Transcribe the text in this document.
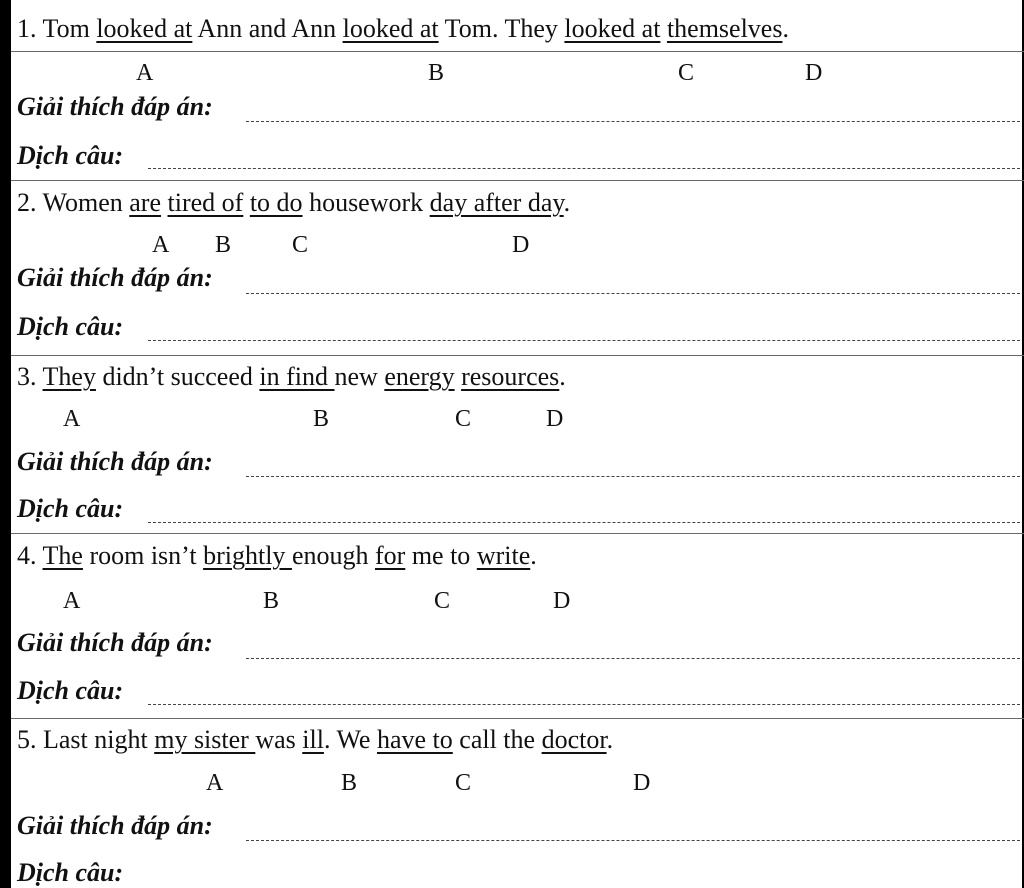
1. Tom looked at Ann and Ann looked at Tom. They looked at themselves.
A	B	C	D
Giải thích đáp án:
Dịch câu:
2. Women are tired of to do housework day after day.
A B	C	D
Giải thích đáp án:
Dịch câu:
3. They didn’t succeed in find new energy resources.
A	B	C	D
Giải thích đáp án:
Dịch câu:
4. The room isn’t brightly enough for me to write.
A	B	C	D
Giải thích đáp án:
Dịch câu:
5. Last night my sister was ill. We have to call the doctor.
A	B	C	D
Giải thích đáp án:
Dịch câu:
